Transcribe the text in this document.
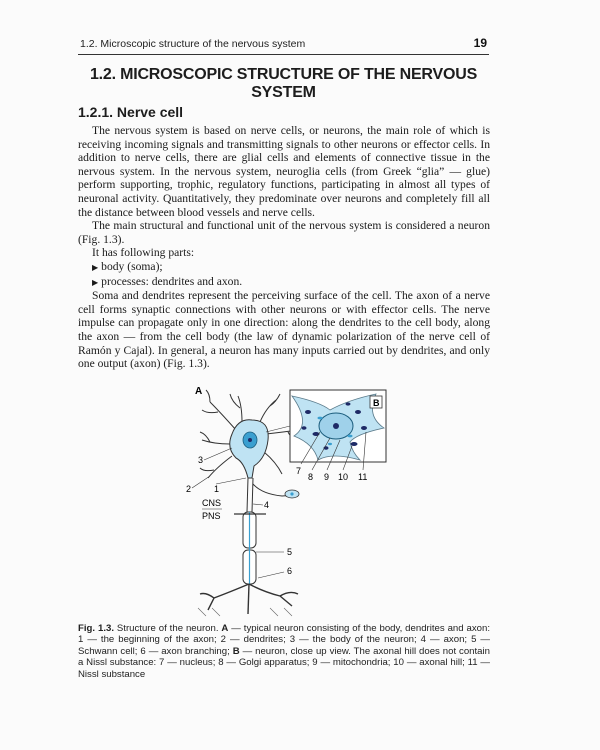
1.2. Microscopic structure of the nervous system	19
1.2. MICROSCOPIC STRUCTURE OF THE NERVOUS SYSTEM
1.2.1. Nerve cell

The nervous system is based on nerve cells, or neurons, the main role of which is receiving incoming signals and transmitting signals to other neurons or effector cells. In addition to nerve cells, there are glial cells and elements of connective tissue in the nervous system. In the nervous system, neuroglia cells (from Greek “glia” — glue) perform supporting, trophic, regulatory functions, participating in almost all types of neuronal activity. Quantitatively, they predominate over neurons and completely fill all the distance between blood vessels and nerve cells.

The main structural and functional unit of the nervous system is considered a neuron (Fig. 1.3).

It has following parts:

▶ body (soma);
▶ processes: dendrites and axon.

Soma and dendrites represent the perceiving surface of the cell. The axon of a nerve cell forms synaptic connections with other neurons or with effector cells. The nerve impulse can propagate only in one direction: along the dendrites to the cell body, along the axon — from the cell body (the law of dynamic polarization of the nerve cell of Ramón y Cajal). In general, a neuron has many inputs carried out by dendrites, and only one output (axon) (Fig. 1.3).

A
3
2	1
4
CNS
PNS
5
6
B
7
8 9 10 11
Fig. 1.3. Structure of the neuron. A — typical neuron consisting of the body, dendrites and axon: 1 — the beginning of the axon; 2 — dendrites; 3 — the body of the neuron; 4 — axon; 5 — Schwann cell; 6 — axon branching; B — neuron, close up view. The axonal hill does not contain a Nissl substance: 7 — nucleus; 8 — Golgi apparatus; 9 — mitochondria; 10 — axonal hill; 11 — Nissl substance
